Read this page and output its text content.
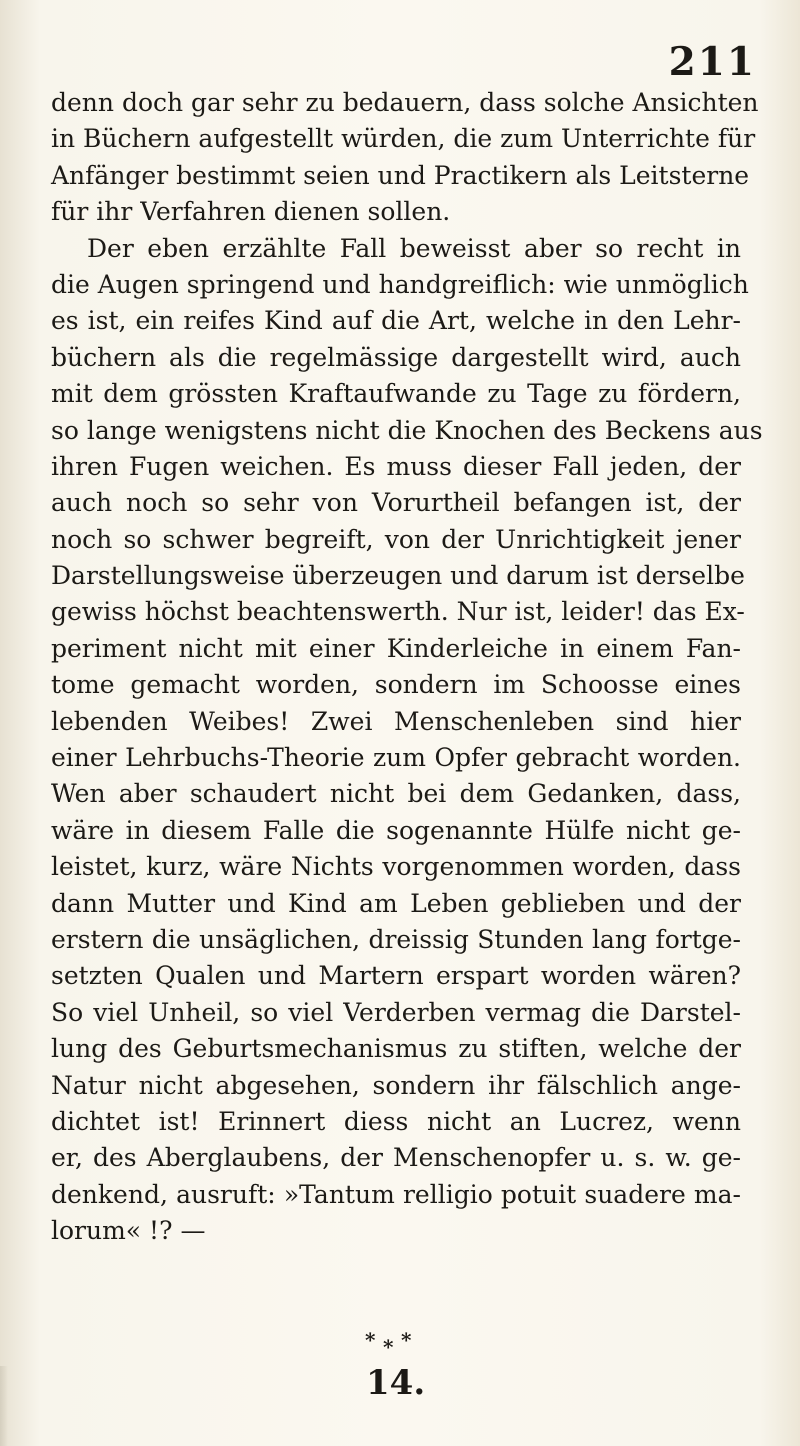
211
denn doch gar sehr zu bedauern, dass solche Ansichten
in Büchern aufgestellt würden, die zum Unterrichte für
Anfänger bestimmt seien und Practikern als Leitsterne
für ihr Verfahren dienen sollen.
Der eben erzählte Fall beweisst aber so recht in
die Augen springend und handgreiflich: wie unmöglich
es ist, ein reifes Kind auf die Art, welche in den Lehr-
büchern als die regelmässige dargestellt wird, auch
mit dem grössten Kraftaufwande zu Tage zu fördern,
so lange wenigstens nicht die Knochen des Beckens aus
ihren Fugen weichen. Es muss dieser Fall jeden, der
auch noch so sehr von Vorurtheil befangen ist, der
noch so schwer begreift, von der Unrichtigkeit jener
Darstellungsweise überzeugen und darum ist derselbe
gewiss höchst beachtenswerth. Nur ist, leider! das Ex-
periment nicht mit einer Kinderleiche in einem Fan-
tome gemacht worden, sondern im Schoosse eines
lebenden Weibes! Zwei Menschenleben sind hier
einer Lehrbuchs-Theorie zum Opfer gebracht worden.
Wen aber schaudert nicht bei dem Gedanken, dass,
wäre in diesem Falle die sogenannte Hülfe nicht ge-
leistet, kurz, wäre Nichts vorgenommen worden, dass
dann Mutter und Kind am Leben geblieben und der
erstern die unsäglichen, dreissig Stunden lang fortge-
setzten Qualen und Martern erspart worden wären?
So viel Unheil, so viel Verderben vermag die Darstel-
lung des Geburtsmechanismus zu stiften, welche der
Natur nicht abgesehen, sondern ihr fälschlich ange-
dichtet ist! Erinnert diess nicht an Lucrez, wenn
er, des Aberglaubens, der Menschenopfer u. s. w. ge-
denkend, ausruft: »Tantum relligio potuit suadere ma-
lorum« !? —
* * *
14.
